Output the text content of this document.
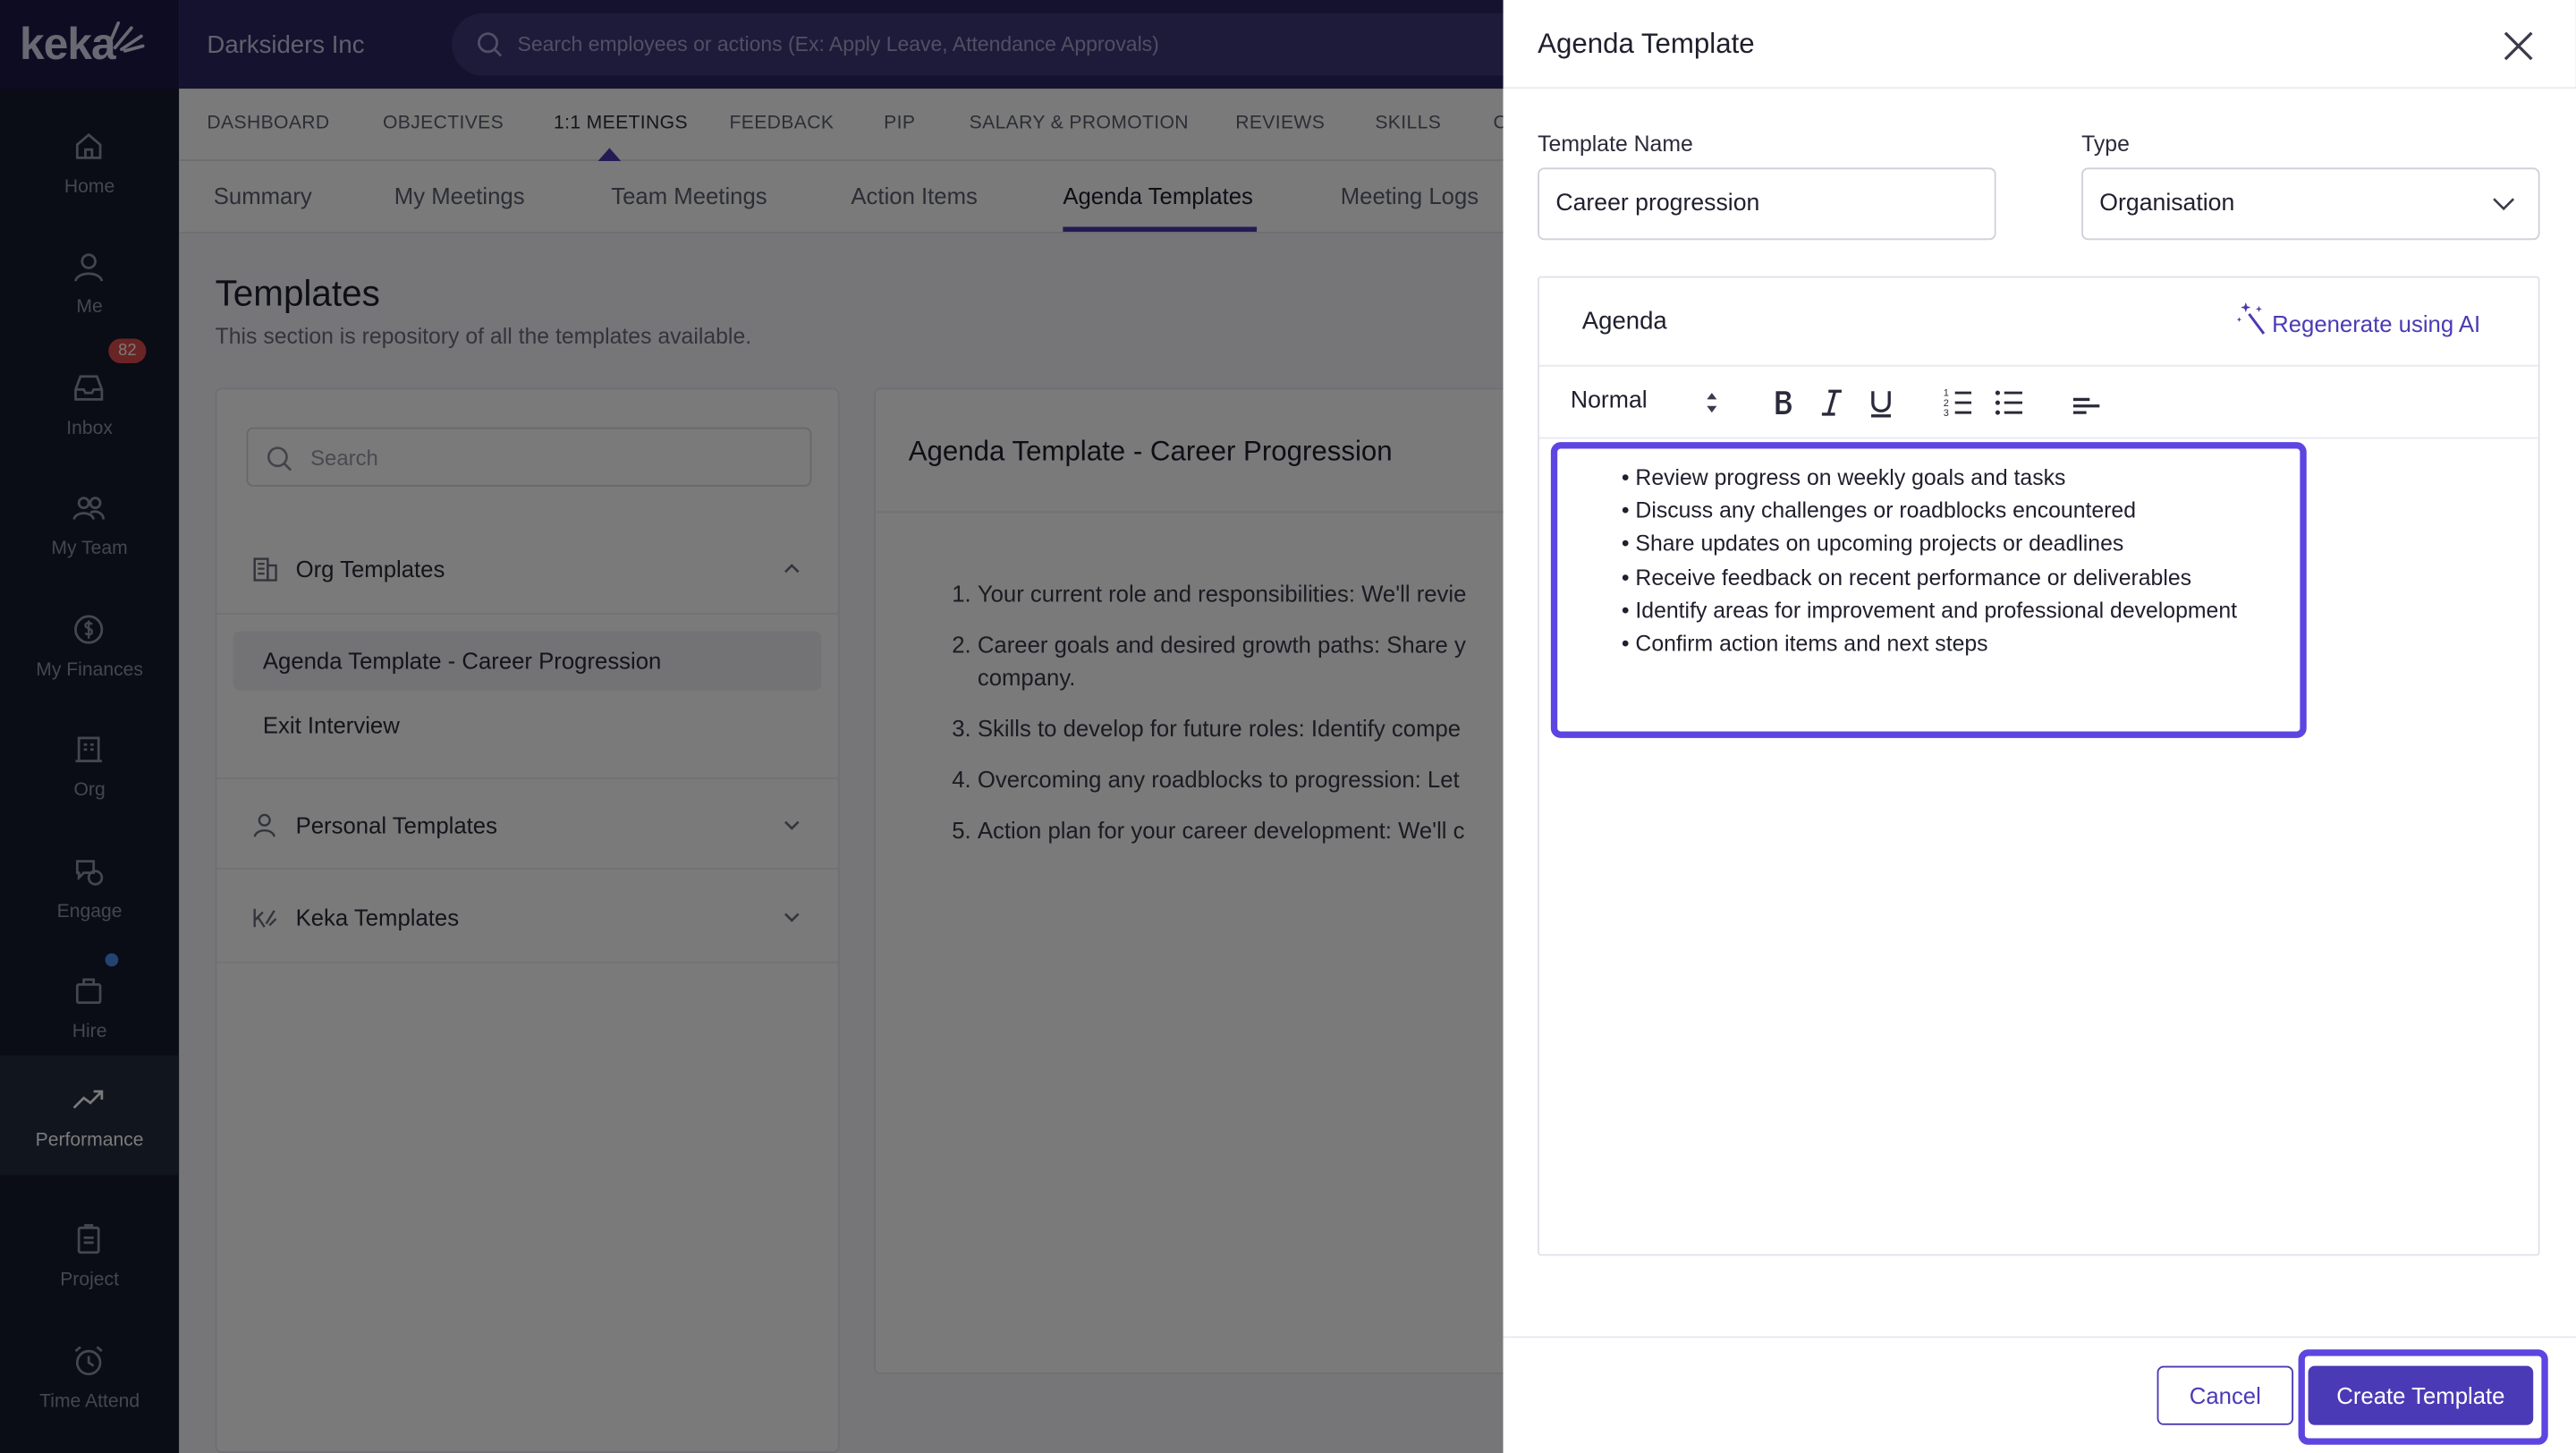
1.
2.

3.
4.
5.
Agenda Template
Template Name
Career progression
Type
Organisation
Agenda	Regenerate using AI
Normal	1
2
3
• Review progress on weekly goals and tasks
• Discuss any challenges or roadblocks encountered
• Share updates on upcoming projects or deadlines
• Receive feedback on recent performance or deliverables
• Identify areas for improvement and professional development
• Confirm action items and next steps
Cancel	Create Template
